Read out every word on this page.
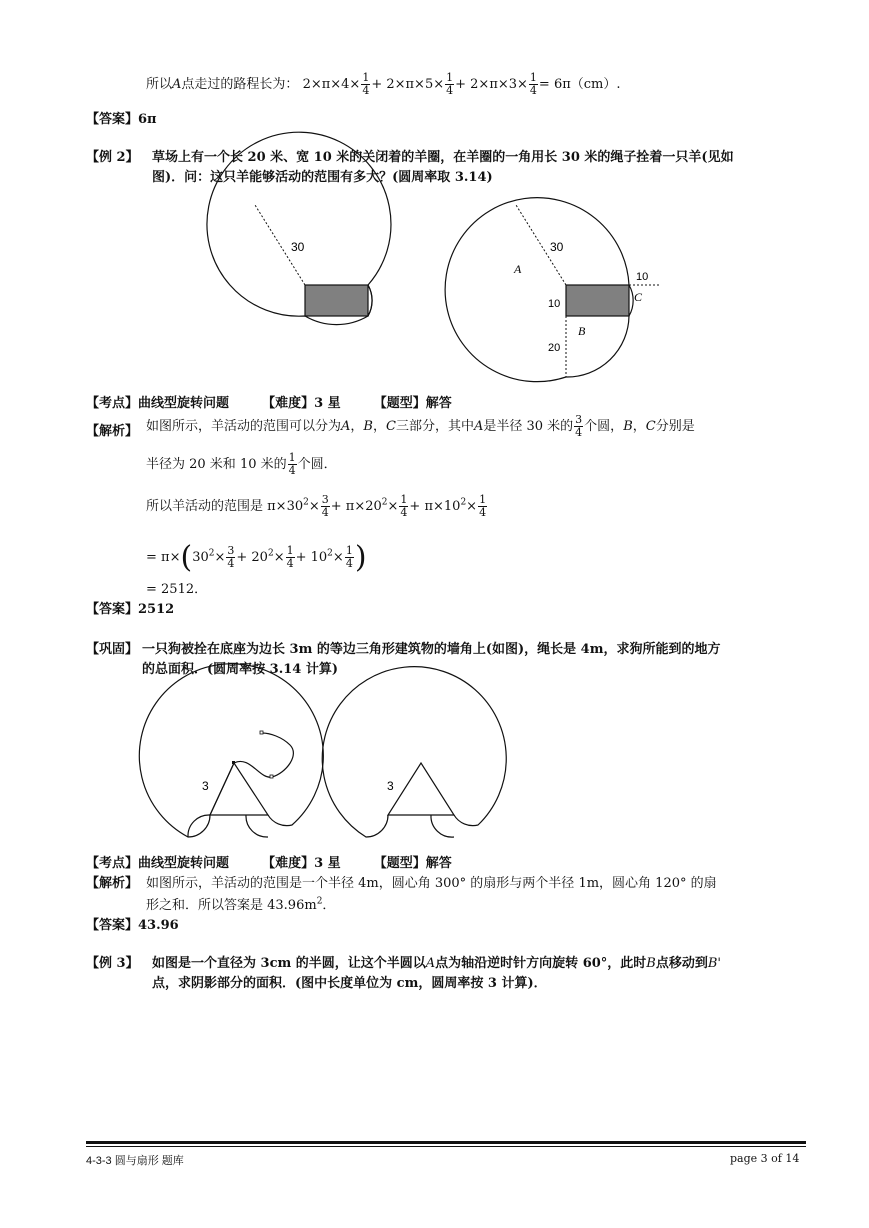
所以A点走过的路程长为： $2\times\pi\times 4\times \frac{1}{4} + 2\times\pi\times 5\times \frac{1}{4} + 2\times\pi\times 3\times \frac{1}{4} = 6\pi(cm)$.
【答案】6π
【例 2】 草场上有一个长 20 米、宽 10 米的关闭着的羊圈，在羊圈的一角用长 30 米的绳子拴着一只羊(见如
图)．问：这只羊能够活动的范围有多大？(圆周率取 3.14)
30	30
10
10
20
A
B
C
【考点】曲线型旋转问题	【难度】3 星	【题型】解答
【解析】 如图所示，羊活动的范围可以分为A，B，C三部分，其中A是半径 30 米的 $\frac{3}{4}$ 个圆，B，C分别是
半径为 20 米和 10 米的 $\frac{1}{4}$ 个圆．
所以羊活动的范围是 $\pi\times 30^2\times \frac{3}{4} + \pi\times 20^2\times \frac{1}{4} + \pi\times 10^2\times \frac{1}{4}$
= $\pi\times(30^2\times \frac{3}{4} + 20^2\times \frac{1}{4} + 10^2\times \frac{1}{4}$ )
= 2512．
【答案】2512
【巩固】 一只狗被拴在底座为边长 3m 的等边三角形建筑物的墙角上(如图)，绳长是 4m，求狗所能到的地方
的总面积．(圆周率按 3.14 计算)
3	3
【考点】曲线型旋转问题	【难度】3 星	【题型】解答
【解析】 如图所示，羊活动的范围是一个半径 4m，圆心角 300° 的扇形与两个半径 1m，圆心角 120° 的扇
形之和．所以答案是 $43.96m^2$．
【答案】43.96
【例 3】 如图是一个直径为 3cm 的半圆，让这个半圆以A点为轴沿逆时针方向旋转 60°，此时B点移动到B'
点，求阴影部分的面积．(图中长度单位为 cm，圆周率按 3 计算)．
4-3-3 圆与扇形 题库	page 3 of 14
